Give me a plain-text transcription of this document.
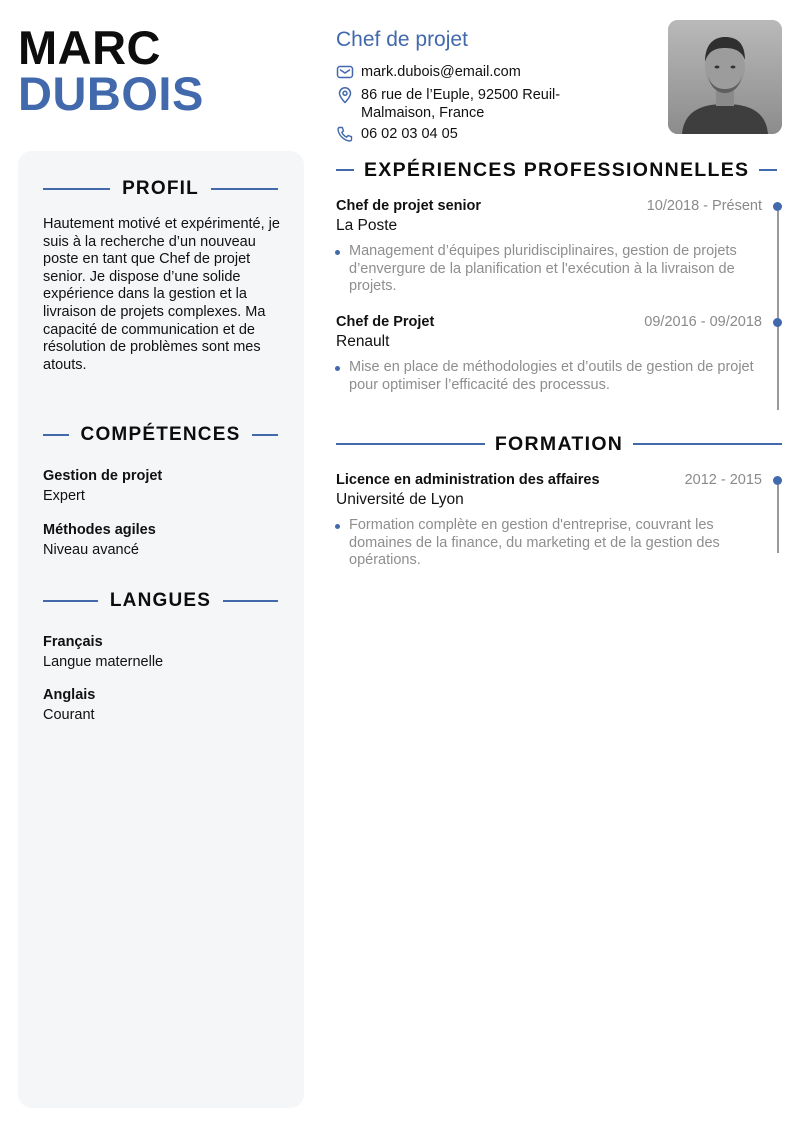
MARC
DUBOIS
PROFIL
Hautement motivé et expérimenté, je suis à la recherche d’un nouveau poste en tant que Chef de projet senior. Je dispose d’une solide expérience dans la gestion et la livraison de projets complexes. Ma capacité de communication et de résolution de problèmes sont mes atouts.
COMPÉTENCES
Gestion de projet
Expert
Méthodes agiles
Niveau avancé
LANGUES
Français
Langue maternelle
Anglais
Courant
Chef de projet
mark.dubois@email.com
86 rue de l’Euple, 92500 Reuil-
Malmaison, France
06 02 03 04 05
EXPÉRIENCES PROFESSIONNELLES
Chef de projet senior	10/2018 - Présent
La Poste
Management d’équipes pluridisciplinaires, gestion de projets d’envergure de la planification et l'exécution à la livraison de projets.
Chef de Projet	09/2016 - 09/2018
Renault
Mise en place de méthodologies et d’outils de gestion de projet pour optimiser l’efficacité des processus.
FORMATION
Licence en administration des affaires	2012 - 2015
Université de Lyon
Formation complète en gestion d'entreprise, couvrant les domaines de la finance, du marketing et de la gestion des opérations.
